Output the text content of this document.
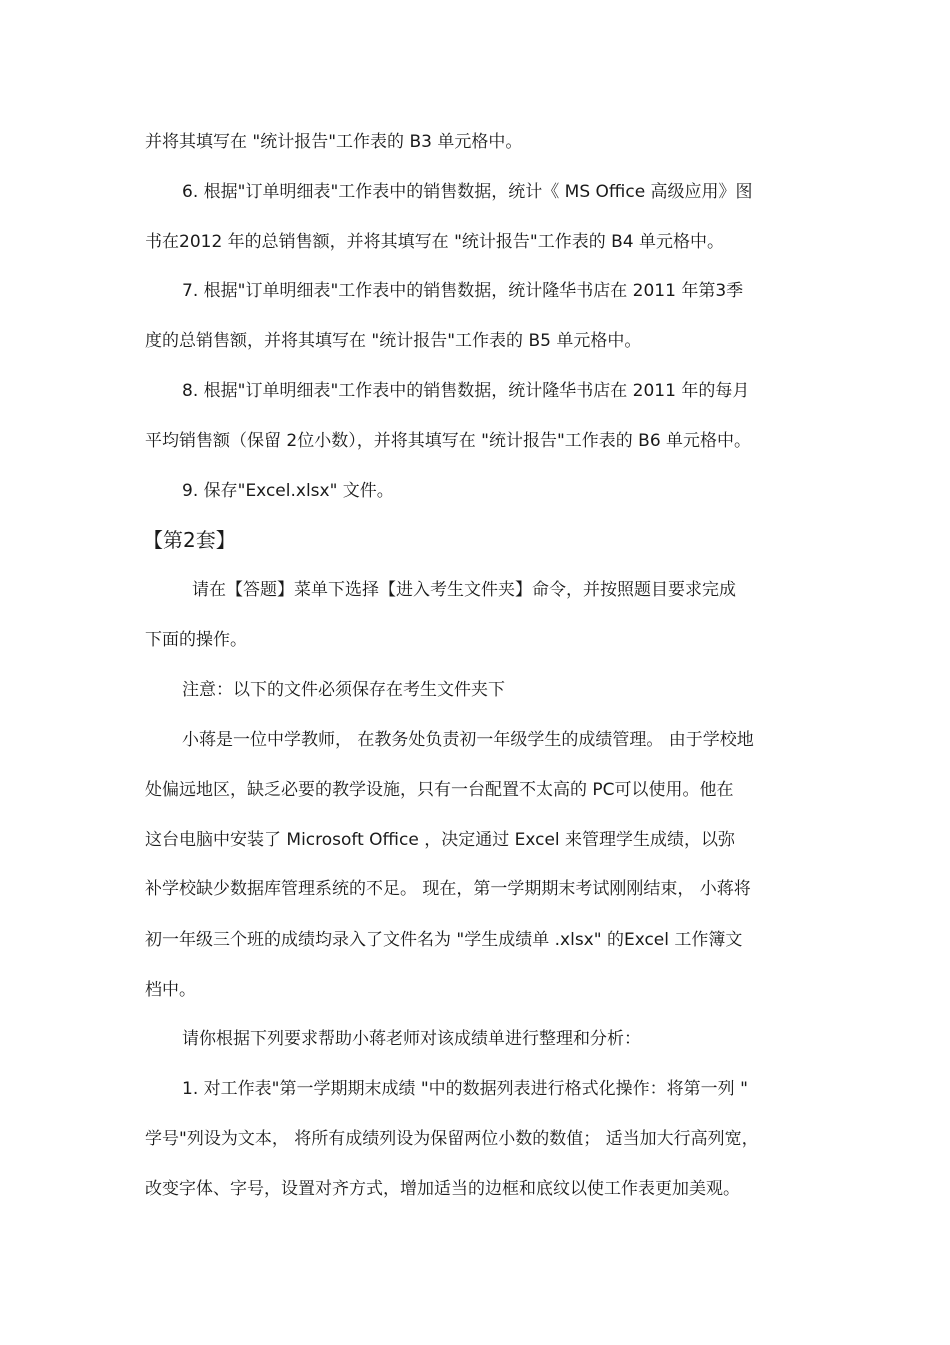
并将其填写在 "统计报告"工作表的 B3 单元格中。
6. 根据"订单明细表"工作表中的销售数据，统计《 MS Office 高级应用》图
书在2012 年的总销售额，并将其填写在 "统计报告"工作表的 B4 单元格中。
7. 根据"订单明细表"工作表中的销售数据，统计隆华书店在 2011 年第3季
度的总销售额，并将其填写在 "统计报告"工作表的 B5 单元格中。
8. 根据"订单明细表"工作表中的销售数据，统计隆华书店在 2011 年的每月
平均销售额（保留 2位小数），并将其填写在 "统计报告"工作表的 B6 单元格中。
9. 保存"Excel.xlsx" 文件。
【第2套】
请在【答题】菜单下选择【进入考生文件夹】命令，并按照题目要求完成
下面的操作。
注意：以下的文件必须保存在考生文件夹下
小蒋是一位中学教师， 在教务处负责初一年级学生的成绩管理。 由于学校地
处偏远地区，缺乏必要的教学设施，只有一台配置不太高的 PC可以使用。他在
这台电脑中安装了 Microsoft Office ，决定通过 Excel 来管理学生成绩，以弥
补学校缺少数据库管理系统的不足。 现在，第一学期期末考试刚刚结束， 小蒋将
初一年级三个班的成绩均录入了文件名为 "学生成绩单 .xlsx" 的Excel 工作簿文
档中。
请你根据下列要求帮助小蒋老师对该成绩单进行整理和分析：
1. 对工作表"第一学期期末成绩 "中的数据列表进行格式化操作：将第一列 "
学号"列设为文本， 将所有成绩列设为保留两位小数的数值； 适当加大行高列宽，
改变字体、字号，设置对齐方式，增加适当的边框和底纹以使工作表更加美观。
